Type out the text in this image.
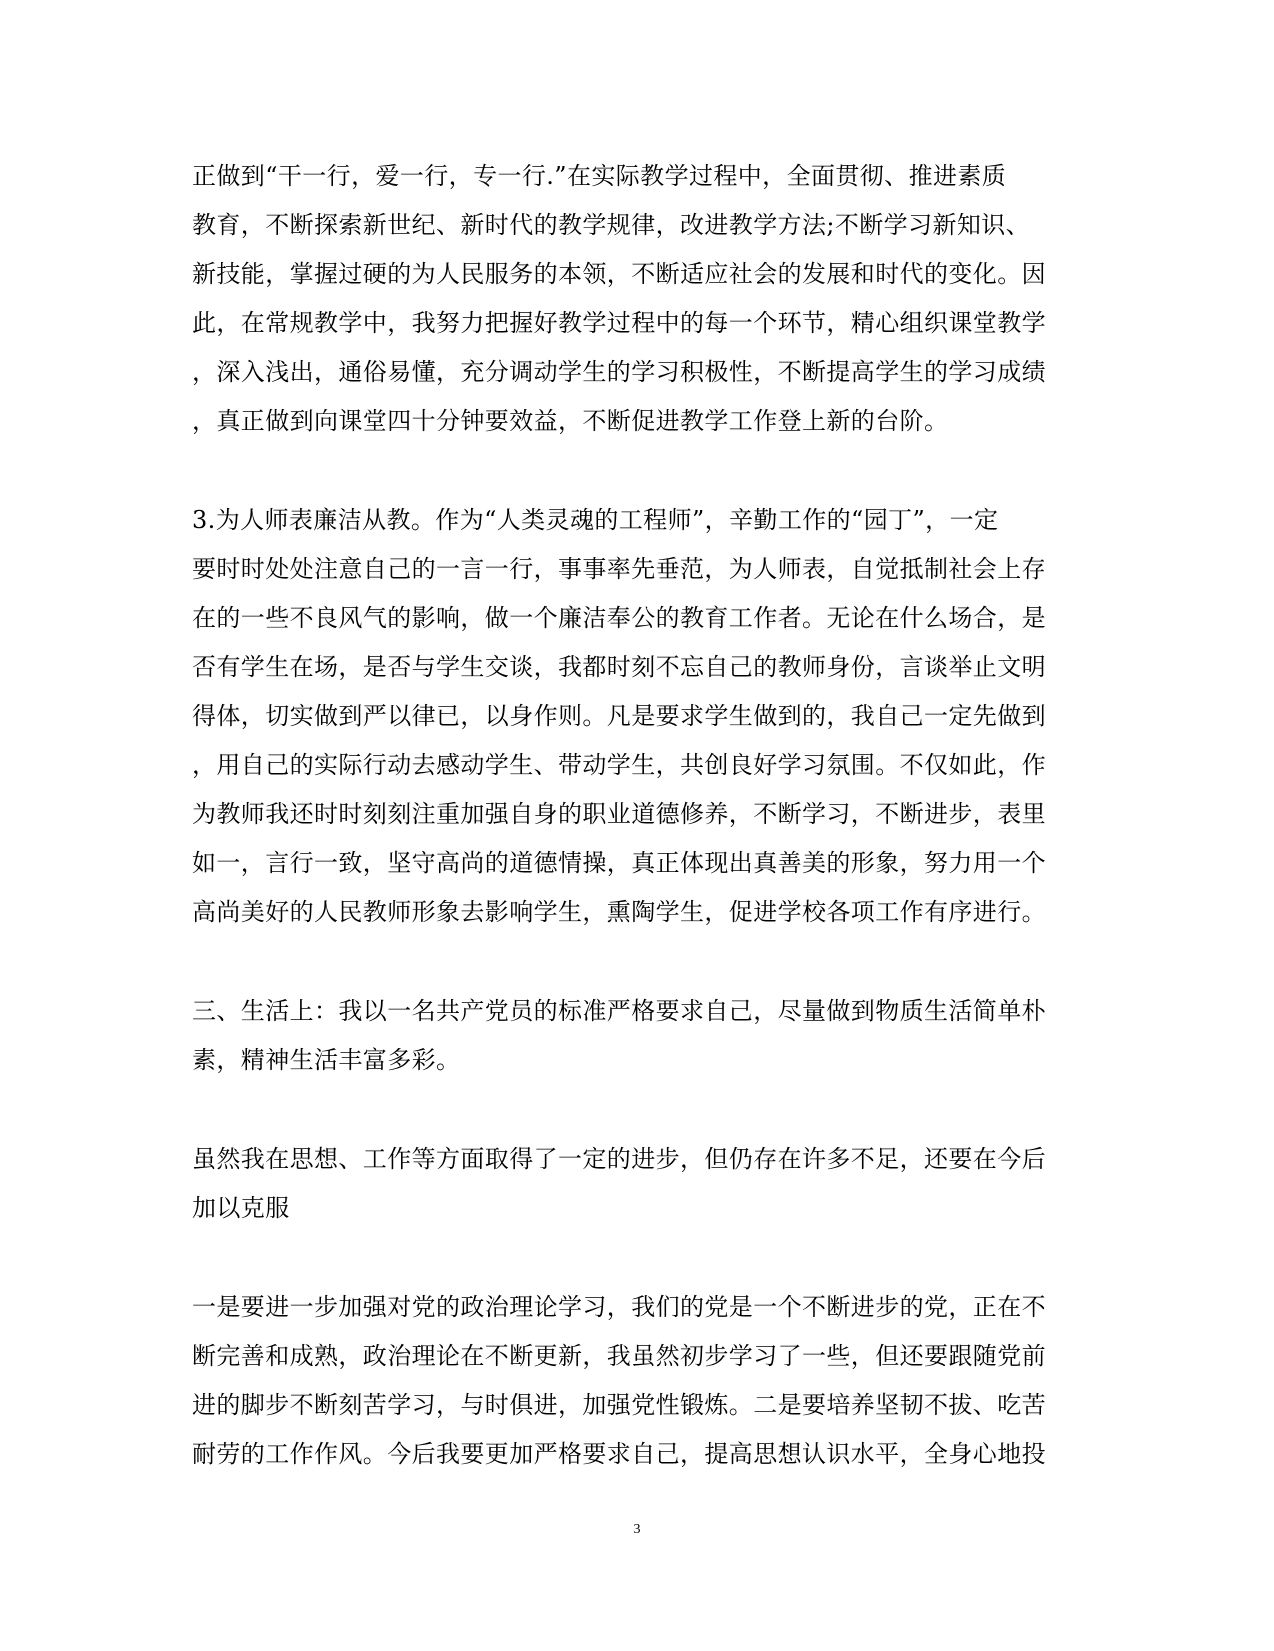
正做到“干一行，爱一行，专一行.”在实际教学过程中，全面贯彻、推进素质
教育，不断探索新世纪、新时代的教学规律，改进教学方法;不断学习新知识、
新技能，掌握过硬的为人民服务的本领，不断适应社会的发展和时代的变化。因
此，在常规教学中，我努力把握好教学过程中的每一个环节，精心组织课堂教学
，深入浅出，通俗易懂，充分调动学生的学习积极性，不断提高学生的学习成绩
，真正做到向课堂四十分钟要效益，不断促进教学工作登上新的台阶。

3.为人师表廉洁从教。作为“人类灵魂的工程师”，辛勤工作的“园丁”，一定
要时时处处注意自己的一言一行，事事率先垂范，为人师表，自觉抵制社会上存
在的一些不良风气的影响，做一个廉洁奉公的教育工作者。无论在什么场合，是
否有学生在场，是否与学生交谈，我都时刻不忘自己的教师身份，言谈举止文明
得体，切实做到严以律已，以身作则。凡是要求学生做到的，我自己一定先做到
，用自己的实际行动去感动学生、带动学生，共创良好学习氛围。不仅如此，作
为教师我还时时刻刻注重加强自身的职业道德修养，不断学习，不断进步，表里
如一，言行一致，坚守高尚的道德情操，真正体现出真善美的形象，努力用一个
高尚美好的人民教师形象去影响学生，熏陶学生，促进学校各项工作有序进行。

三、生活上：我以一名共产党员的标准严格要求自己，尽量做到物质生活简单朴
素，精神生活丰富多彩。

虽然我在思想、工作等方面取得了一定的进步，但仍存在许多不足，还要在今后
加以克服

一是要进一步加强对党的政治理论学习，我们的党是一个不断进步的党，正在不
断完善和成熟，政治理论在不断更新，我虽然初步学习了一些，但还要跟随党前
进的脚步不断刻苦学习，与时俱进，加强党性锻炼。二是要培养坚韧不拔、吃苦
耐劳的工作作风。今后我要更加严格要求自己，提高思想认识水平，全身心地投

3
